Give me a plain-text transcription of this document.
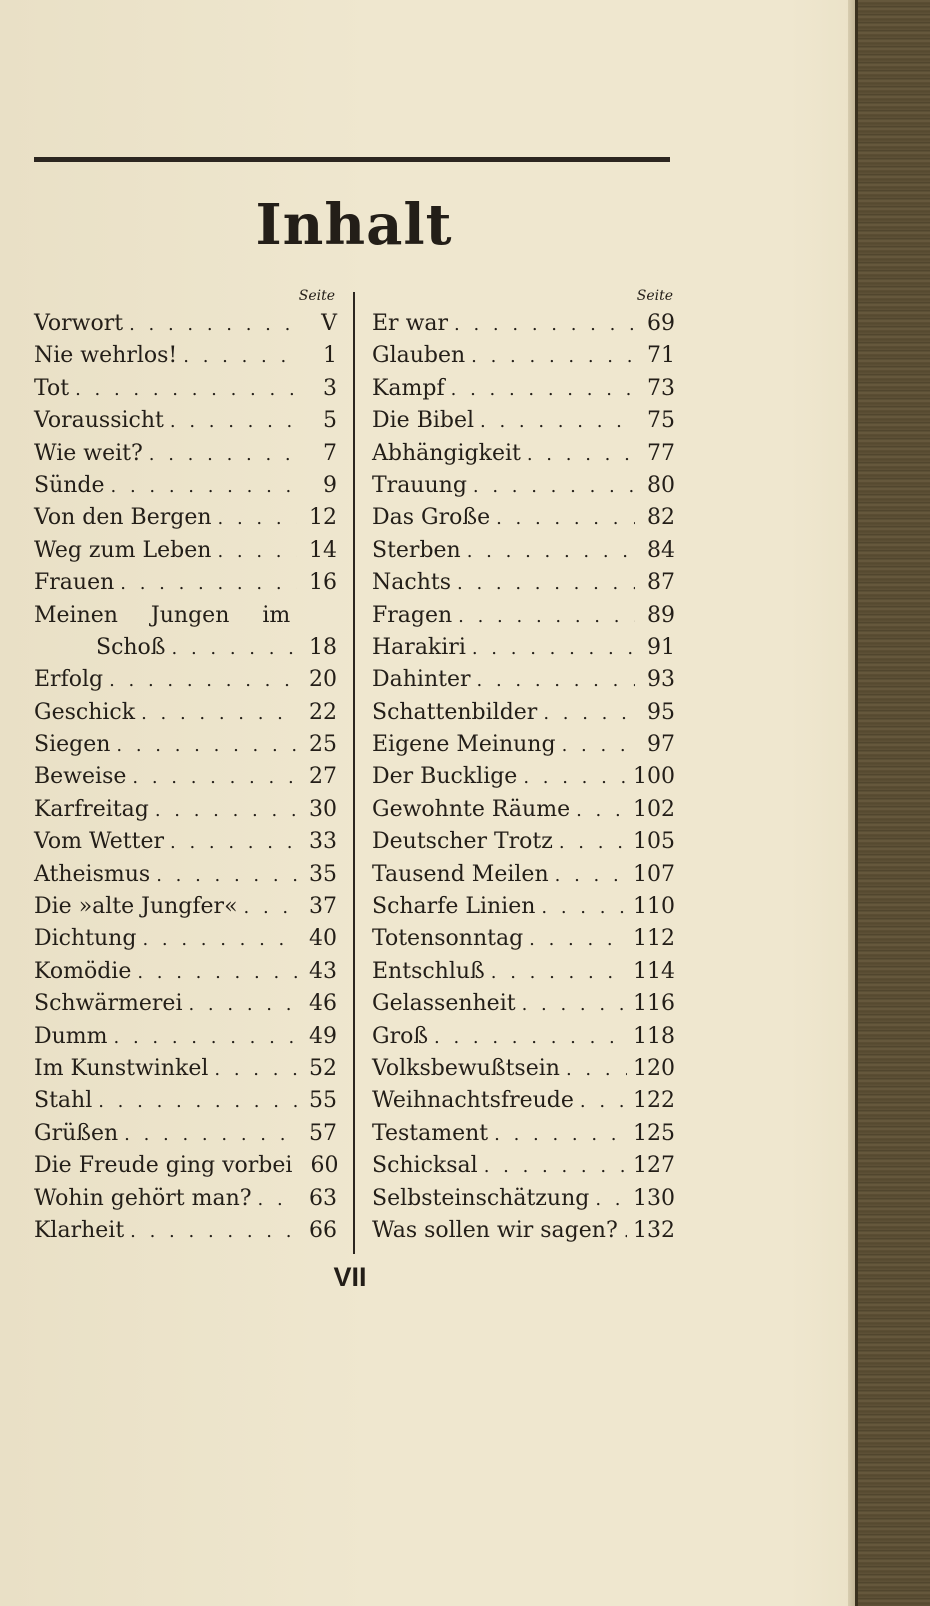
Inhalt
Seite
Vorwort . . .	V
Nie wehrlos! . . .	1
Tot . . .	3
Voraussicht . . .	5
Wie weit? . . .	7
Sünde . . .	9
Von den Bergen . . .	12
Weg zum Leben . . .	14
Frauen . . .	16
Meinen Jungen im
Schoß . . .	18
Erfolg . . .	20
Geschick . . .	22
Siegen . . .	25
Beweise . . .	27
Karfreitag . . .	30
Vom Wetter . . .	33
Atheismus . . .	35
Die »alte Jungfer« . . .	37
Dichtung . . .	40
Komödie . . .	43
Schwärmerei . . .	46
Dumm . . .	49
Im Kunstwinkel . . .	52
Stahl . . .	55
Grüßen . . .	57
Die Freude ging vorbei 60
Wohin gehört man? . . .	63
Klarheit . . .	66
Seite
Er war . . .	69
Glauben . . .	71
Kampf . . .	73
Die Bibel . . .	75
Abhängigkeit . . .	77
Trauung . . .	80
Das Große . . .	82
Sterben . . .	84
Nachts . . .	87
Fragen . . .	89
Harakiri . . .	91
Dahinter . . .	93
Schattenbilder . . .	95
Eigene Meinung . . .	97
Der Bucklige . . .	100
Gewohnte Räume . . .	102
Deutscher Trotz . . .	105
Tausend Meilen . . .	107
Scharfe Linien . . .	110
Totensonntag . . .	112
Entschluß . . .	114
Gelassenheit . . .	116
Groß . . .	118
Volksbewußtsein . . .	120
Weihnachtsfreude . . .	122
Testament . . .	125
Schicksal . . .	127
Selbsteinschätzung . . . 130
Was sollen wir sagen? . . . 132
VII
